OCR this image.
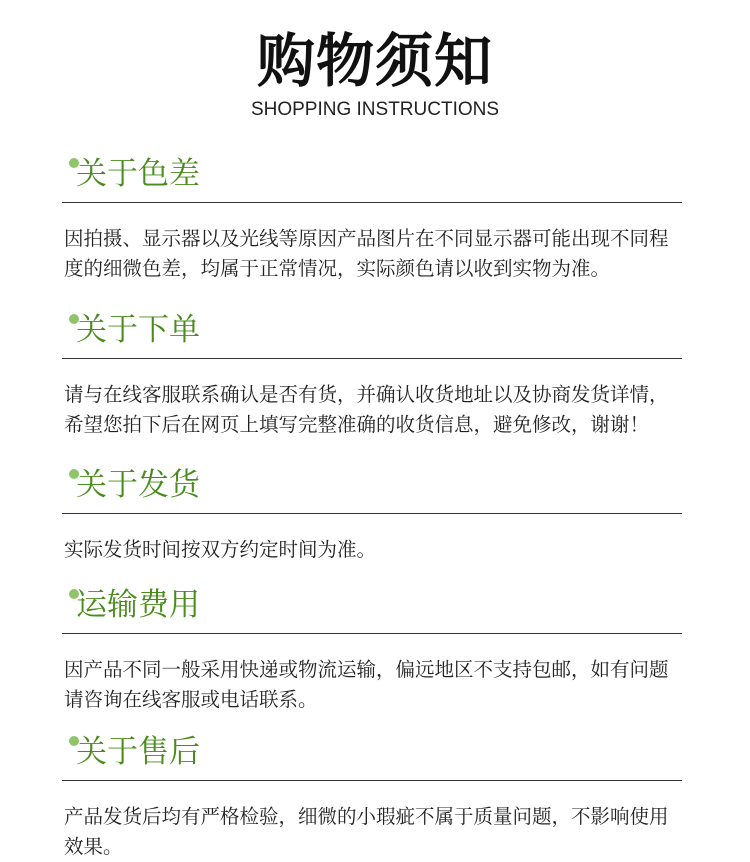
购物须知
SHOPPING INSTRUCTIONS
关于色差
因拍摄、显示器以及光线等原因产品图片在不同显示器可能出现不同程
度的细微色差，均属于正常情况，实际颜色请以收到实物为准。
关于下单
请与在线客服联系确认是否有货，并确认收货地址以及协商发货详情，
希望您拍下后在网页上填写完整准确的收货信息，避免修改，谢谢！
关于发货
实际发货时间按双方约定时间为准。
运输费用
因产品不同一般采用快递或物流运输，偏远地区不支持包邮，如有问题
请咨询在线客服或电话联系。
关于售后
产品发货后均有严格检验，细微的小瑕疵不属于质量问题，不影响使用
效果。
